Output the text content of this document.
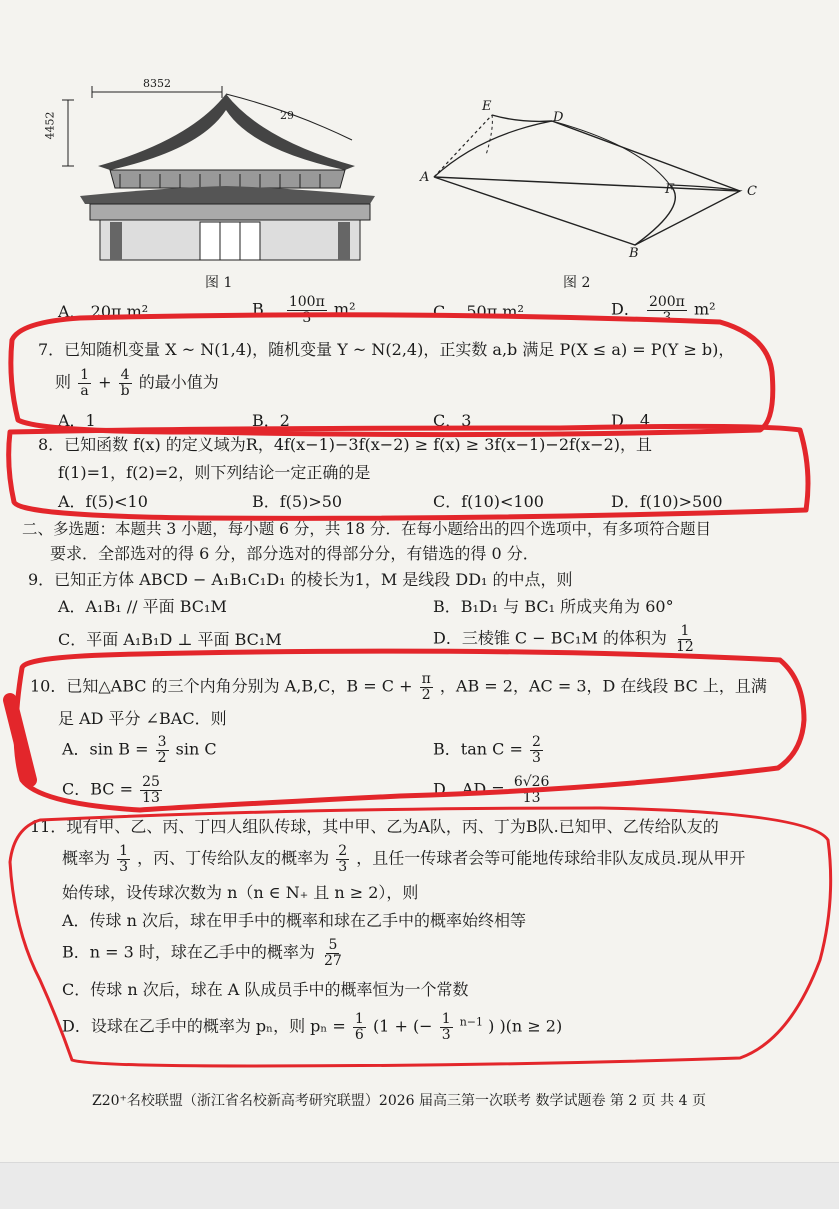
8352
4452	29
图 1
E
D
A
F	C
B
图 2
A． 20π m²	B． $\frac{100\pi}{3} m^2$	C． 50π m²	D． $\frac{200\pi}{3} m^2$
7．已知随机变量 X ~ N(1,4)，随机变量 Y ~ N(2,4)，正实数 a,b 满足 P(X ≤ a) = P(Y ≥ b)，
则 $\frac{1}{a} + \frac{4}{b}$ 的最小值为
A．1	B．2	C．3	D．4
8．已知函数 f(x) 的定义域为R，4f(x−1)−3f(x−2) ≥ f(x) ≥ 3f(x−1)−2f(x−2)，且
f(1)=1，f(2)=2，则下列结论一定正确的是
A．f(5)<10	B．f(5)>50	C．f(10)<100	D．f(10)>500
二、多选题：本题共 3 小题，每小题 6 分，共 18 分．在每小题给出的四个选项中，有多项符合题目
要求．全部选对的得 6 分，部分选对的得部分分，有错选的得 0 分．
9．已知正方体 ABCD − A₁B₁C₁D₁ 的棱长为1，M 是线段 DD₁ 的中点，则
A．A₁B₁ // 平面 BC₁M	B．B₁D₁ 与 BC₁ 所成夹角为 60°
C．平面 A₁B₁D ⊥ 平面 BC₁M	D．三棱锥 C − BC₁M 的体积为 $\frac{1}{12}$
10．已知△ABC 的三个内角分别为 A,B,C，$B = C + \frac{\pi}{2}$ ，AB = 2，AC = 3，D 在线段 BC 上，且满
足 AD 平分 ∠BAC．则
A．$\sin B = \frac{3}{2}$ sin C	B．$\tan C = \frac{2}{3}$
C．BC = $\frac{25}{13}$	D．AD = $\frac{6√26}{13}$
11．现有甲、乙、丙、丁四人组队传球，其中甲、乙为A队，丙、丁为B队.已知甲、乙传给队友的
概率为 $\frac{1}{3}$ ，丙、丁传给队友的概率为 $\frac{2}{3}$ ，且任一传球者会等可能地传球给非队友成员.现从甲开
始传球，设传球次数为 n（n ∈ N₊ 且 n ≥ 2），则
A．传球 n 次后，球在甲手中的概率和球在乙手中的概率始终相等
B．n = 3 时，球在乙手中的概率为 $\frac{5}{27}$
C．传球 n 次后，球在 A 队成员手中的概率恒为一个常数
D．设球在乙手中的概率为 pₙ，则 $p_n = \frac{1}{6} (1$ + (− $\frac{1}{3} ^{n-1}$ ) )(n ≥ 2)
Z20⁺名校联盟（浙江省名校新高考研究联盟）2026 届高三第一次联考 数学试题卷 第 2 页 共 4 页
